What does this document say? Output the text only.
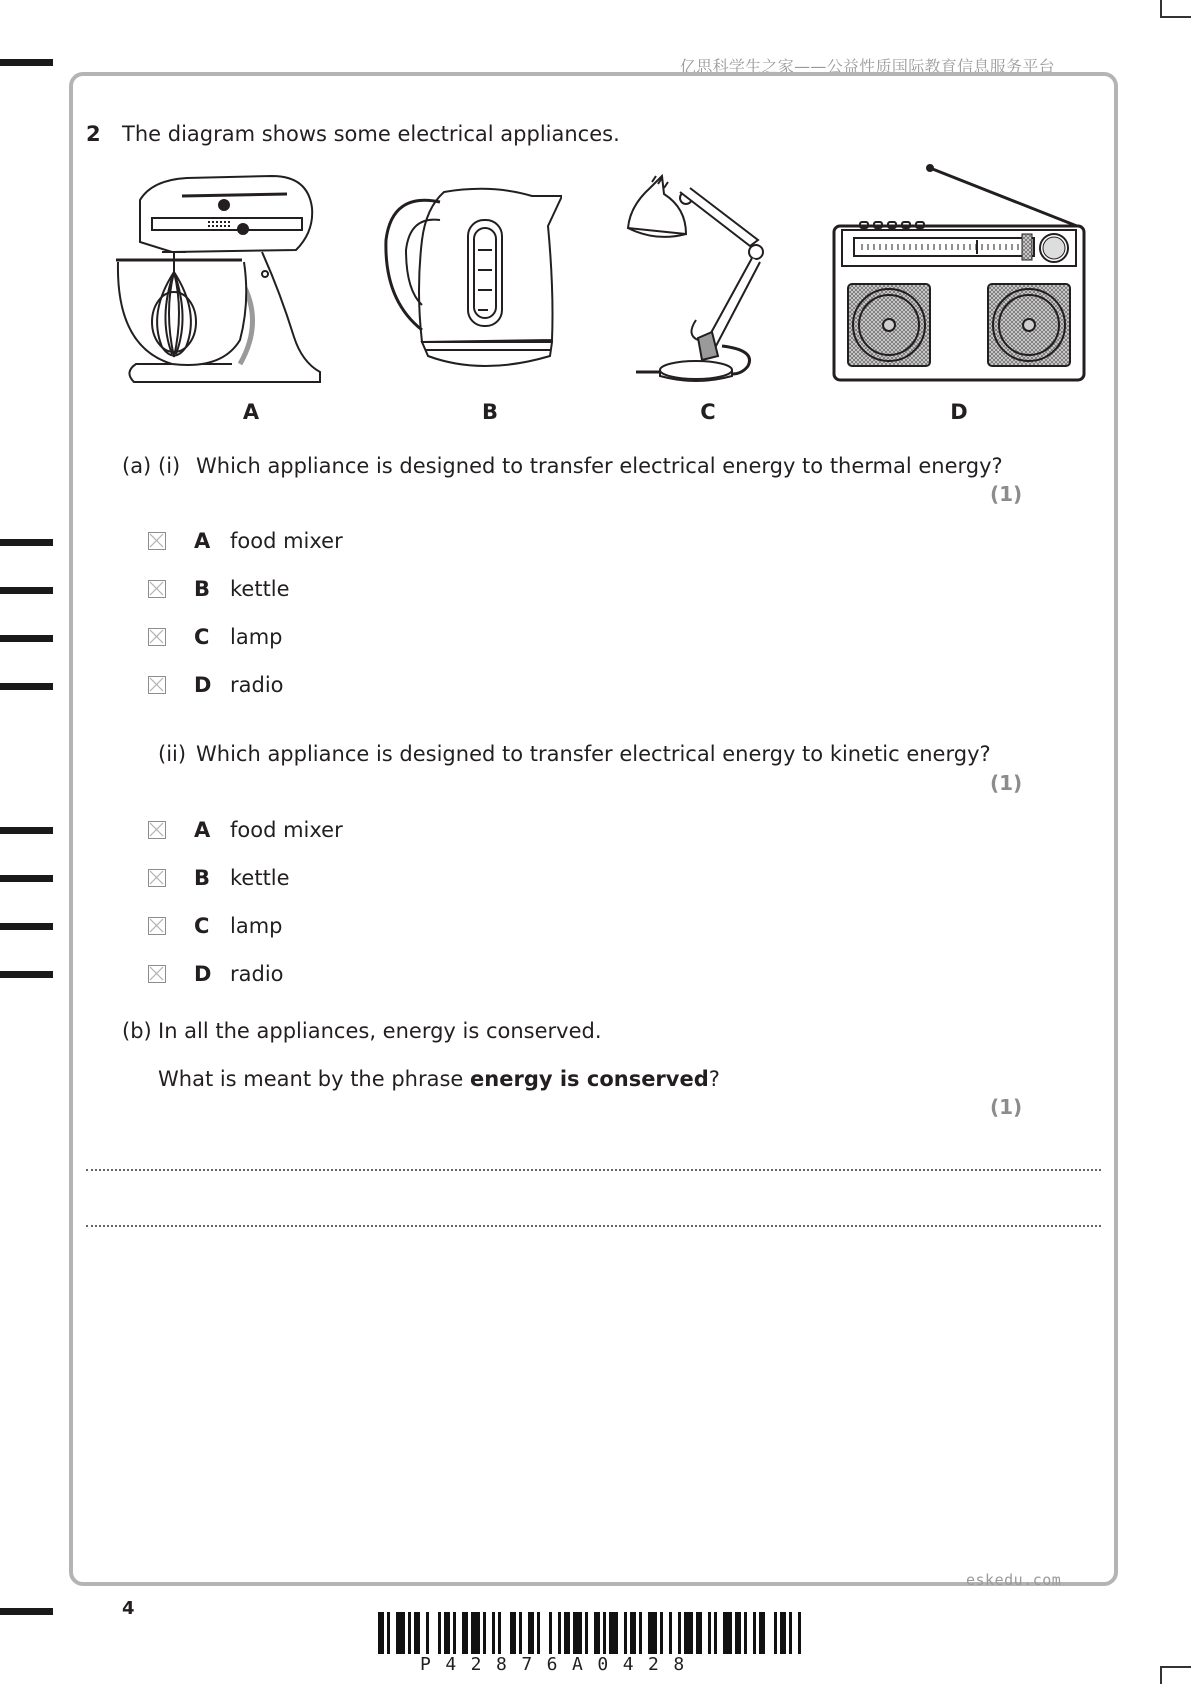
亿思科学生之家——公益性质国际教育信息服务平台
2 The diagram shows some electrical appliances.
A	B	C	D
(a) (i) Which appliance is designed to transfer electrical energy to thermal energy?
(1)
A food mixer
B kettle
C lamp
D radio
(ii) Which appliance is designed to transfer electrical energy to kinetic energy?
(1)
A food mixer
B kettle
C lamp
D radio
(b) In all the appliances, energy is conserved.
What is meant by the phrase energy is conserved?
(1)
eskedu.com
4
P42876A0428
